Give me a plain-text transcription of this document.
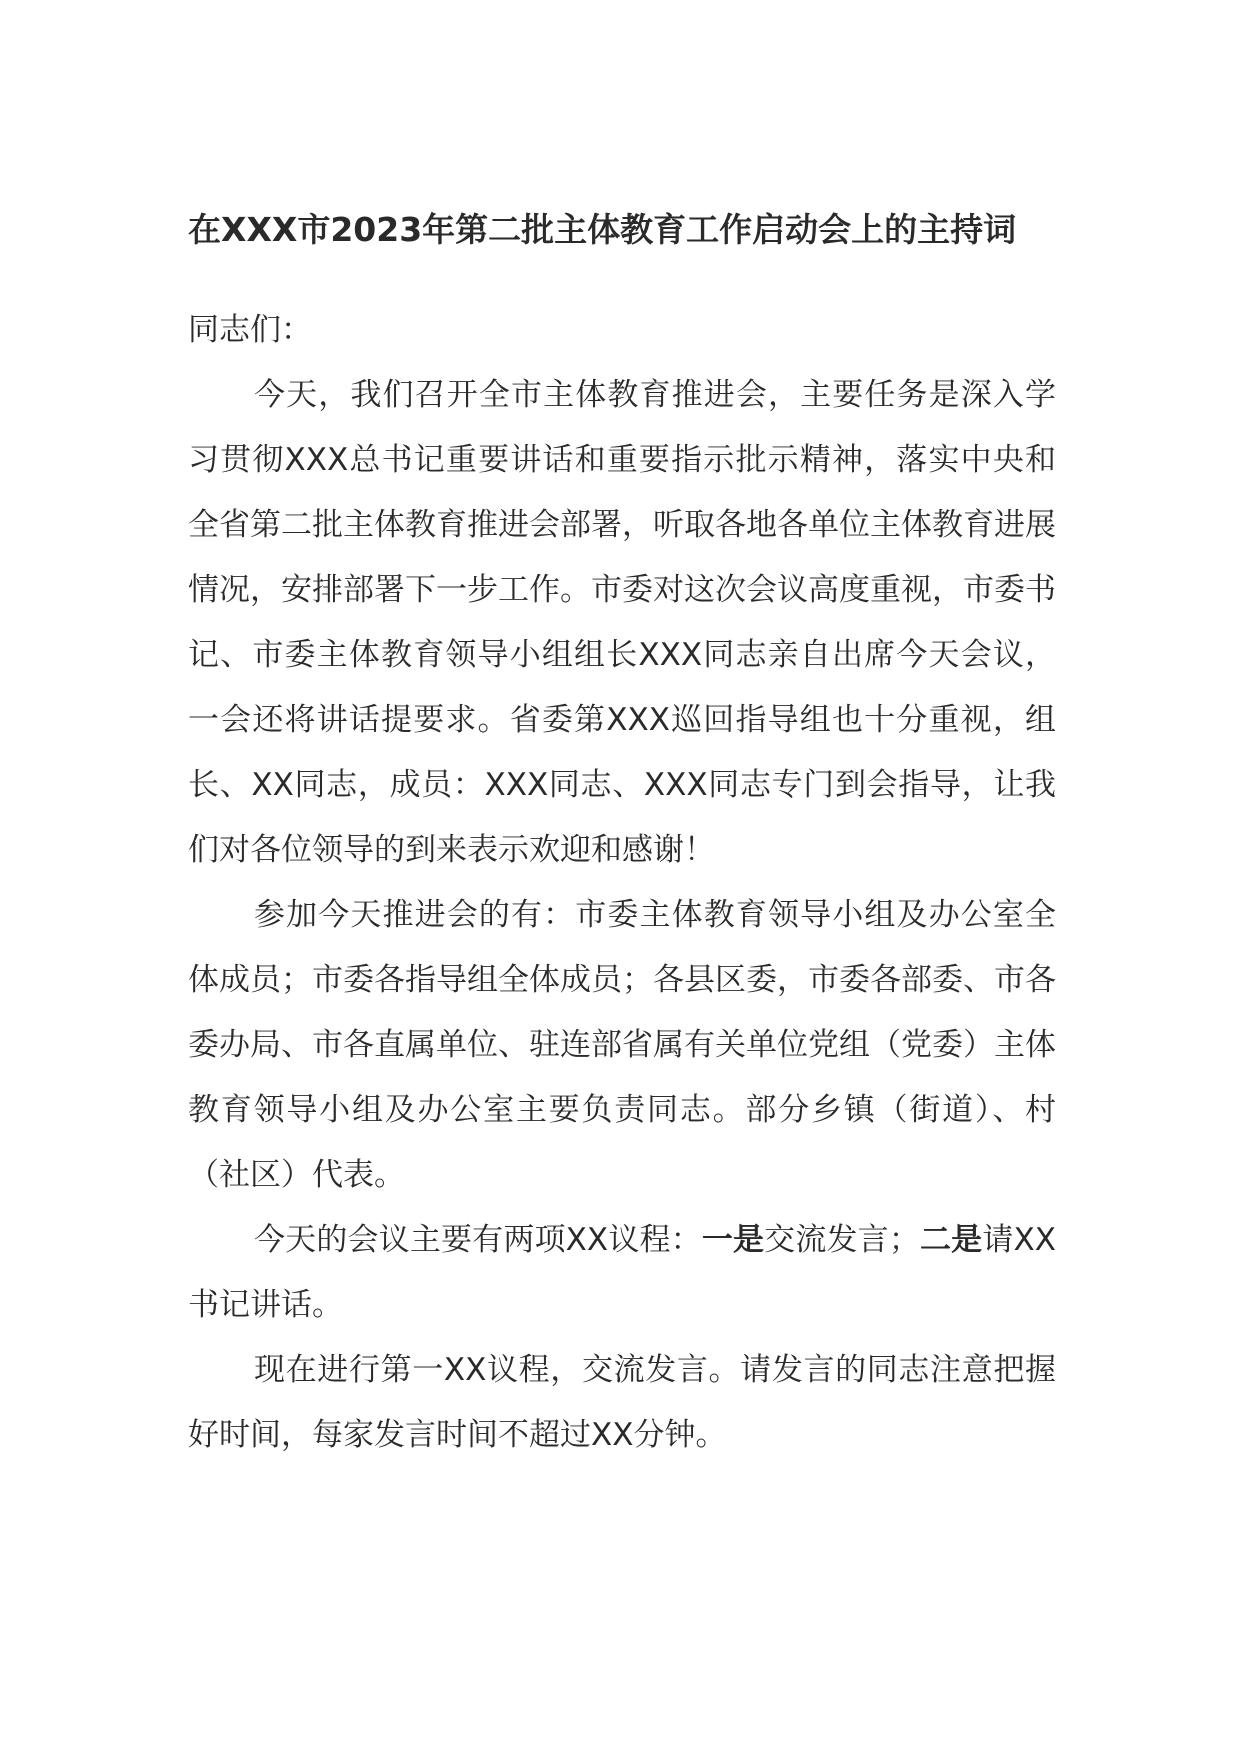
在XXX市2023年第二批主体教育工作启动会上的主持词

同志们：

今天，我们召开全市主体教育推进会，主要任务是深入学习贯彻XXX总书记重要讲话和重要指示批示精神，落实中央和全省第二批主体教育推进会部署，听取各地各单位主体教育进展情况，安排部署下一步工作。市委对这次会议高度重视，市委书记、市委主体教育领导小组组长XXX同志亲自出席今天会议，一会还将讲话提要求。省委第XXX巡回指导组也十分重视，组长、XX同志，成员：XXX同志、XXX同志专门到会指导，让我们对各位领导的到来表示欢迎和感谢！

参加今天推进会的有：市委主体教育领导小组及办公室全体成员；市委各指导组全体成员；各县区委，市委各部委、市各委办局、市各直属单位、驻连部省属有关单位党组（党委）主体教育领导小组及办公室主要负责同志。部分乡镇（街道）、村（社区）代表。

今天的会议主要有两项XX议程：一是交流发言；二是请XX书记讲话。

现在进行第一XX议程，交流发言。请发言的同志注意把握好时间，每家发言时间不超过XX分钟。
